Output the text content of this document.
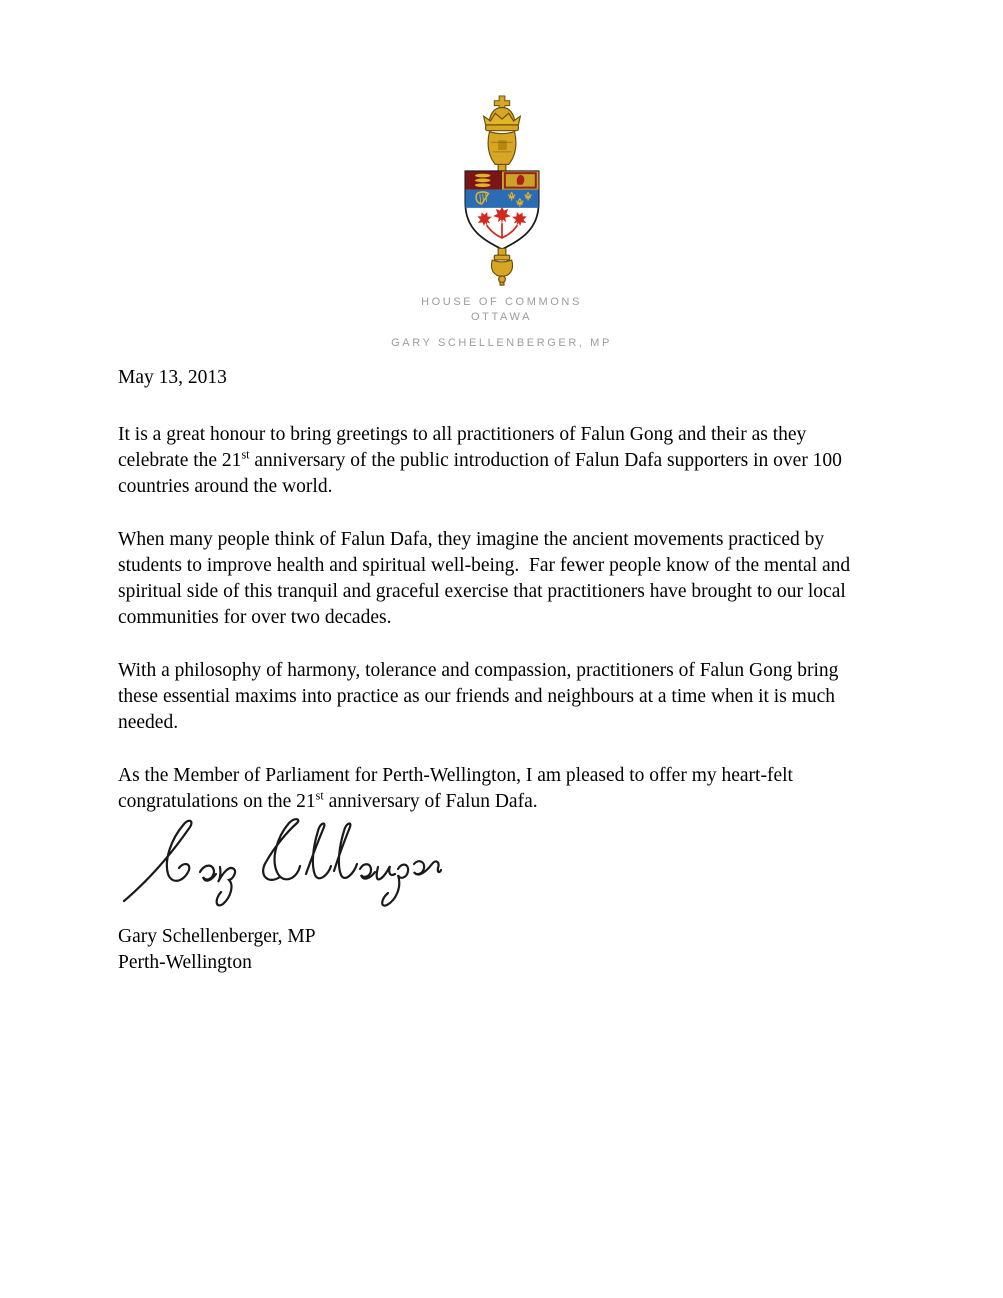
HOUSE OF COMMONS
OTTAWA
GARY SCHELLENBERGER, MP

May 13, 2013

It is a great honour to bring greetings to all practitioners of Falun Gong and their as they celebrate the 21st anniversary of the public introduction of Falun Dafa supporters in over 100 countries around the world.

When many people think of Falun Dafa, they imagine the ancient movements practiced by students to improve health and spiritual well-being.  Far fewer people know of the mental and spiritual side of this tranquil and graceful exercise that practitioners have brought to our local communities for over two decades.

With a philosophy of harmony, tolerance and compassion, practitioners of Falun Gong bring these essential maxims into practice as our friends and neighbours at a time when it is much needed.

As the Member of Parliament for Perth-Wellington, I am pleased to offer my heart-felt congratulations on the 21st anniversary of Falun Dafa.

Gary Schellenberger, MP
Perth-Wellington
